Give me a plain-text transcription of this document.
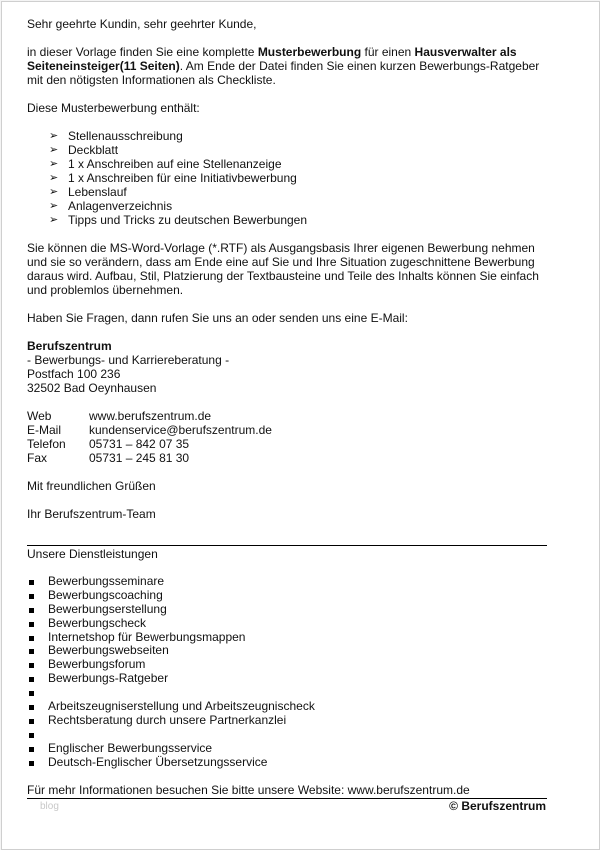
Sehr geehrte Kundin, sehr geehrter Kunde,

in dieser Vorlage finden Sie eine komplette Musterbewerbung für einen Hausverwalter als Seiteneinsteiger(11 Seiten). Am Ende der Datei finden Sie einen kurzen Bewerbungs-Ratgeber mit den nötigsten Informationen als Checkliste.

Diese Musterbewerbung enthält:

➢ Stellenausschreibung
➢ Deckblatt
➢ 1 x Anschreiben auf eine Stellenanzeige
➢ 1 x Anschreiben für eine Initiativbewerbung
➢ Lebenslauf
➢ Anlagenverzeichnis
➢ Tipps und Tricks zu deutschen Bewerbungen

Sie können die MS-Word-Vorlage (*.RTF) als Ausgangsbasis Ihrer eigenen Bewerbung nehmen und sie so verändern, dass am Ende eine auf Sie und Ihre Situation zugeschnittene Bewerbung daraus wird. Aufbau, Stil, Platzierung der Textbausteine und Teile des Inhalts können Sie einfach und problemlos übernehmen.

Haben Sie Fragen, dann rufen Sie uns an oder senden uns eine E-Mail:

Berufszentrum

- Bewerbungs- und Karriereberatung -

Postfach 100 236

32502 Bad Oeynhausen

Web	www.berufszentrum.de
E-Mail	kundenservice@berufszentrum.de
Telefon	05731 – 842 07 35
Fax	05731 – 245 81 30

Mit freundlichen Grüßen

Ihr Berufszentrum-Team

Unsere Dienstleistungen
Bewerbungsseminare
Bewerbungscoaching
Bewerbungserstellung
Bewerbungscheck
Internetshop für Bewerbungsmappen
Bewerbungswebseiten
Bewerbungsforum
Bewerbungs-Ratgeber
Arbeitszeugniserstellung und Arbeitszeugnischeck
Rechtsberatung durch unsere Partnerkanzlei
Englischer Bewerbungsservice
Deutsch-Englischer Übersetzungsservice
Für mehr Informationen besuchen Sie bitte unsere Website: www.berufszentrum.de
blog	© Berufszentrum
